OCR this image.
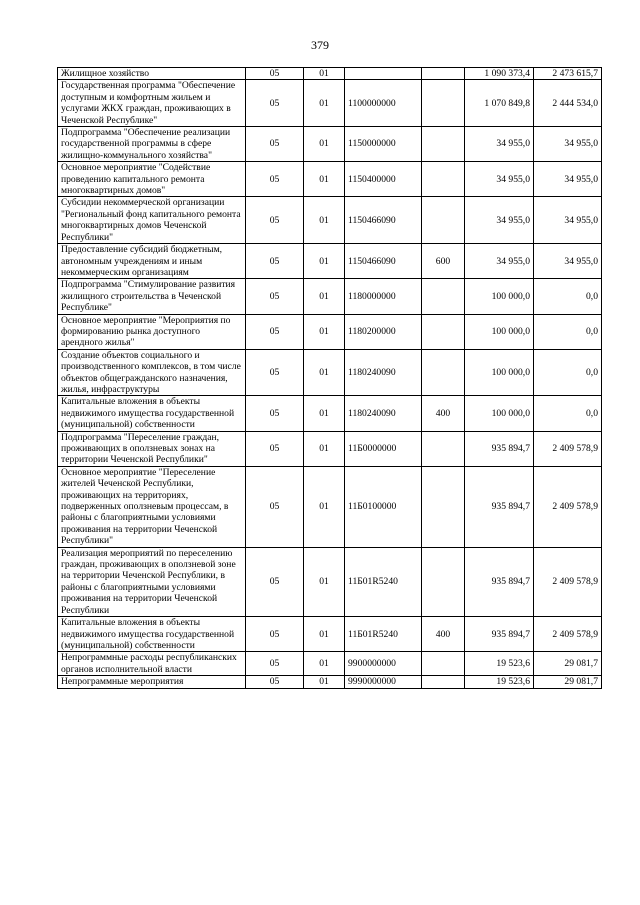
379
Жилищное хозяйство	05	01			1 090 373,4	2 473 615,7
Государственная программа "Обеспечение доступным и комфортным жильем и услугами ЖКХ граждан, проживающих в Чеченской Республике"	05	01	1100000000		1 070 849,8	2 444 534,0
Подпрограмма "Обеспечение реализации государственной программы в сфере жилищно-коммунального хозяйства"	05	01	1150000000		34 955,0	34 955,0
Основное мероприятие "Содействие проведению капитального ремонта многоквартирных домов"	05	01	1150400000		34 955,0	34 955,0
Субсидии некоммерческой организации "Региональный фонд капитального ремонта многоквартирных домов Чеченской Республики"	05	01	1150466090		34 955,0	34 955,0
Предоставление субсидий бюджетным, автономным учреждениям и иным некоммерческим организациям	05	01	1150466090	600	34 955,0	34 955,0
Подпрограмма "Стимулирование развития жилищного строительства в Чеченской Республике"	05	01	1180000000		100 000,0	0,0
Основное мероприятие "Мероприятия по формированию рынка доступного арендного жилья"	05	01	1180200000		100 000,0	0,0
Создание объектов социального и производственного комплексов, в том числе объектов общегражданского назначения, жилья, инфраструктуры	05	01	1180240090		100 000,0	0,0
Капитальные вложения в объекты недвижимого имущества государственной (муниципальной) собственности	05	01	1180240090	400	100 000,0	0,0
Подпрограмма "Переселение граждан, проживающих в оползневых зонах на территории Чеченской Республики"	05	01	11Б0000000		935 894,7	2 409 578,9
Основное мероприятие "Переселение жителей Чеченской Республики, проживающих на территориях, подверженных оползневым процессам, в районы с благоприятными условиями проживания на территории Чеченской Республики"	05	01	11Б0100000		935 894,7	2 409 578,9
Реализация мероприятий по переселению граждан, проживающих в оползневой зоне на территории Чеченской Республики, в районы с благоприятными условиями проживания на территории Чеченской Республики	05	01	11Б01R5240		935 894,7	2 409 578,9
Капитальные вложения в объекты недвижимого имущества государственной (муниципальной) собственности	05	01	11Б01R5240	400	935 894,7	2 409 578,9
Непрограммные расходы республиканских органов исполнительной власти	05	01	9900000000		19 523,6	29 081,7
Непрограммные мероприятия	05	01	9990000000		19 523,6	29 081,7
